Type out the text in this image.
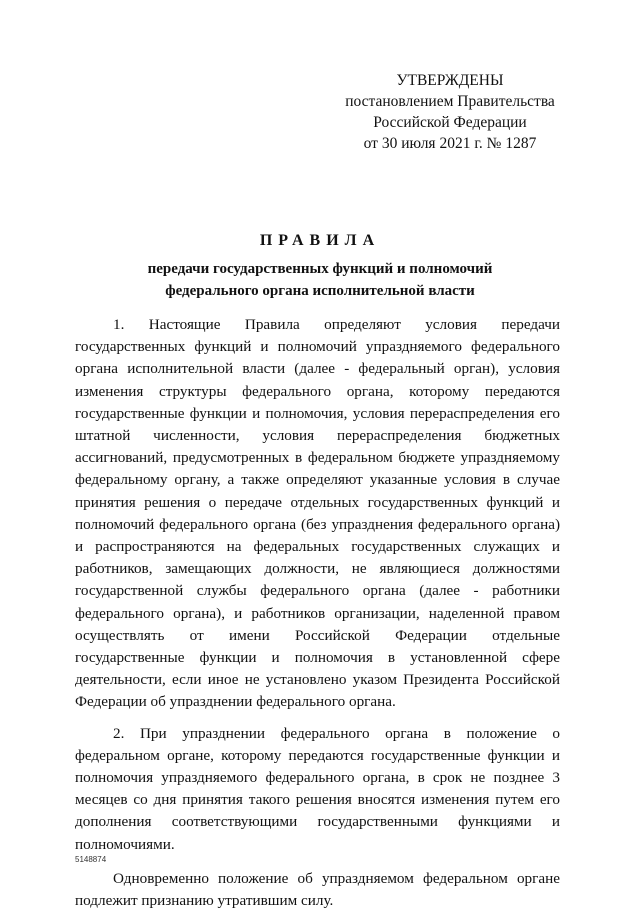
УТВЕРЖДЕНЫ
постановлением Правительства
Российской Федерации
от 30 июля 2021 г. № 1287
ПРАВИЛА
передачи государственных функций и полномочий
федерального органа исполнительной власти

1. Настоящие Правила определяют условия передачи государственных функций и полномочий упраздняемого федерального органа исполнительной власти (далее - федеральный орган), условия изменения структуры федерального органа, которому передаются государственные функции и полномочия, условия перераспределения его штатной численности, условия перераспределения бюджетных ассигнований, предусмотренных в федеральном бюджете упраздняемому федеральному органу, а также определяют указанные условия в случае принятия решения о передаче отдельных государственных функций и полномочий федерального органа (без упразднения федерального органа) и распространяются на федеральных государственных служащих и работников, замещающих должности, не являющиеся должностями государственной службы федерального органа (далее - работники федерального органа), и работников организации, наделенной правом осуществлять от имени Российской Федерации отдельные государственные функции и полномочия в установленной сфере деятельности, если иное не установлено указом Президента Российской Федерации об упразднении федерального органа.

2. При упразднении федерального органа в положение о федеральном органе, которому передаются государственные функции и полномочия упраздняемого федерального органа, в срок не позднее 3 месяцев со дня принятия такого решения вносятся изменения путем его дополнения соответствующими государственными функциями и полномочиями.

Одновременно положение об упраздняемом федеральном органе подлежит признанию утратившим силу.

5148874
